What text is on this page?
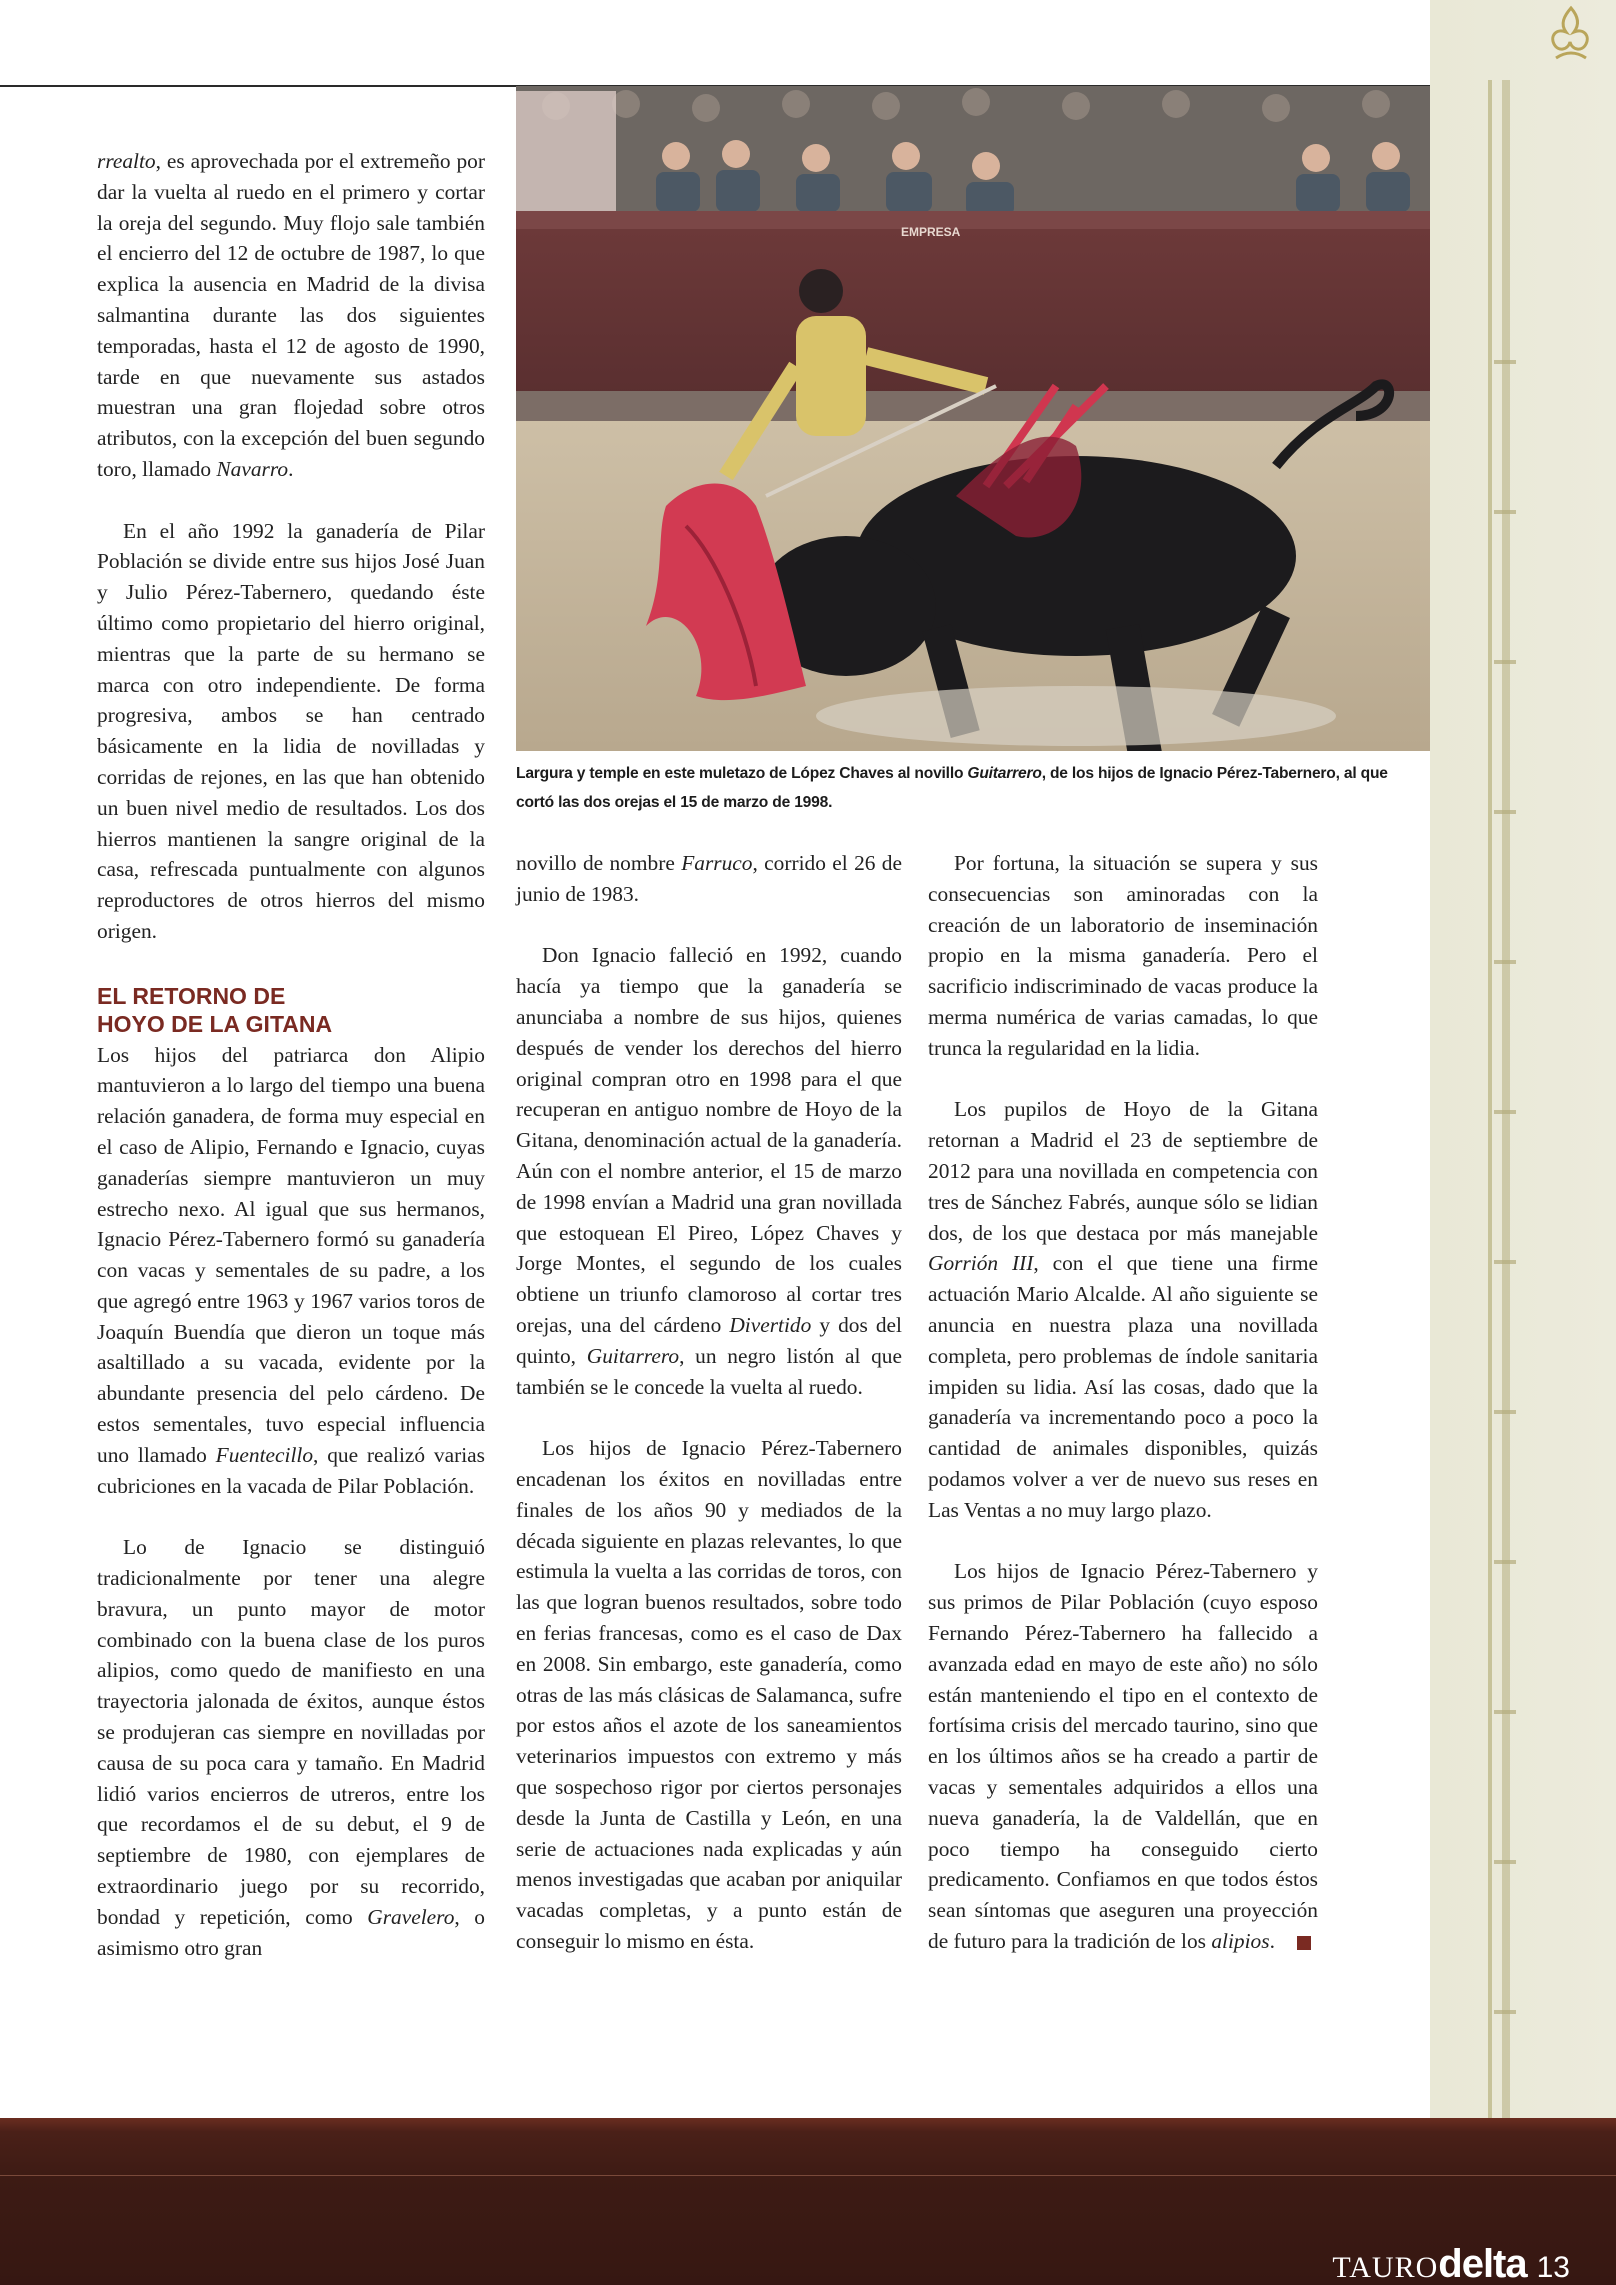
EMPRESA
Largura y temple en este muletazo de López Chaves al novillo Guitarrero, de los hijos de Ignacio Pérez-Tabernero, al que cortó las dos orejas el 15 de marzo de 1998.

rrealto, es aprovechada por el extremeño por dar la vuelta al ruedo en el primero y cortar la oreja del segundo. Muy flojo sale también el encierro del 12 de octubre de 1987, lo que explica la ausencia en Madrid de la divisa salmantina durante las dos siguientes temporadas, hasta el 12 de agosto de 1990, tarde en que nuevamente sus astados muestran una gran flojedad sobre otros atributos, con la excepción del buen segundo toro, llamado Navarro.

En el año 1992 la ganadería de Pilar Población se divide entre sus hijos José Juan y Julio Pérez-Tabernero, quedando éste último como propietario del hierro original, mientras que la parte de su hermano se marca con otro independiente. De forma progresiva, ambos se han centrado básicamente en la lidia de novilladas y corridas de rejones, en las que han obtenido un buen nivel medio de resultados. Los dos hierros mantienen la sangre original de la casa, refrescada puntualmente con algunos reproductores de otros hierros del mismo origen.

EL RETORNO DE
HOYO DE LA GITANA

Los hijos del patriarca don Alipio mantuvieron a lo largo del tiempo una buena relación ganadera, de forma muy especial en el caso de Alipio, Fernando e Ignacio, cuyas ganaderías siempre mantuvieron un muy estrecho nexo. Al igual que sus hermanos, Ignacio Pérez-Tabernero formó su ganadería con vacas y sementales de su padre, a los que agregó entre 1963 y 1967 varios toros de Joaquín Buendía que dieron un toque más asaltillado a su vacada, evidente por la abundante presencia del pelo cárdeno. De estos sementales, tuvo especial influencia uno llamado Fuentecillo, que realizó varias cubriciones en la vacada de Pilar Población.

Lo de Ignacio se distinguió tradicionalmente por tener una alegre bravura, un punto mayor de motor combinado con la buena clase de los puros alipios, como quedo de manifiesto en una trayectoria jalonada de éxitos, aunque éstos se produjeran cas siempre en novilladas por causa de su poca cara y tamaño. En Madrid lidió varios encierros de utreros, entre los que recordamos el de su debut, el 9 de septiembre de 1980, con ejemplares de extraordinario juego por su recorrido, bondad y repetición, como Gravelero, o asimismo otro gran

novillo de nombre Farruco, corrido el 26 de junio de 1983.

Don Ignacio falleció en 1992, cuando hacía ya tiempo que la ganadería se anunciaba a nombre de sus hijos, quienes después de vender los derechos del hierro original compran otro en 1998 para el que recuperan en antiguo nombre de Hoyo de la Gitana, denominación actual de la ganadería. Aún con el nombre anterior, el 15 de marzo de 1998 envían a Madrid una gran novillada que estoquean El Pireo, López Chaves y Jorge Montes, el segundo de los cuales obtiene un triunfo clamoroso al cortar tres orejas, una del cárdeno Divertido y dos del quinto, Guitarrero, un negro listón al que también se le concede la vuelta al ruedo.

Los hijos de Ignacio Pérez-Tabernero encadenan los éxitos en novilladas entre finales de los años 90 y mediados de la década siguiente en plazas relevantes, lo que estimula la vuelta a las corridas de toros, con las que logran buenos resultados, sobre todo en ferias francesas, como es el caso de Dax en 2008. Sin embargo, este ganadería, como otras de las más clásicas de Salamanca, sufre por estos años el azote de los saneamientos veterinarios impuestos con extremo y más que sospechoso rigor por ciertos personajes desde la Junta de Castilla y León, en una serie de actuaciones nada explicadas y aún menos investigadas que acaban por aniquilar vacadas completas, y a punto están de conseguir lo mismo en ésta.

Por fortuna, la situación se supera y sus consecuencias son aminoradas con la creación de un laboratorio de inseminación propio en la misma ganadería. Pero el sacrificio indiscriminado de vacas produce la merma numérica de varias camadas, lo que trunca la regularidad en la lidia.

Los pupilos de Hoyo de la Gitana retornan a Madrid el 23 de septiembre de 2012 para una novillada en competencia con tres de Sánchez Fabrés, aunque sólo se lidian dos, de los que destaca por más manejable Gorrión III, con el que tiene una firme actuación Mario Alcalde. Al año siguiente se anuncia en nuestra plaza una novillada completa, pero problemas de índole sanitaria impiden su lidia. Así las cosas, dado que la ganadería va incrementando poco a poco la cantidad de animales disponibles, quizás podamos volver a ver de nuevo sus reses en Las Ventas a no muy largo plazo.

Los hijos de Ignacio Pérez-Tabernero y sus primos de Pilar Población (cuyo esposo Fernando Pérez-Tabernero ha fallecido a avanzada edad en mayo de este año) no sólo están manteniendo el tipo en el contexto de fortísima crisis del mercado taurino, sino que en los últimos años se ha creado a partir de vacas y sementales adquiridos a ellos una nueva ganadería, la de Valdellán, que en poco tiempo ha conseguido cierto predicamento. Confiamos en que todos éstos sean síntomas que aseguren una proyección de futuro para la tradición de los alipios.	T

TAUROdelta 13
